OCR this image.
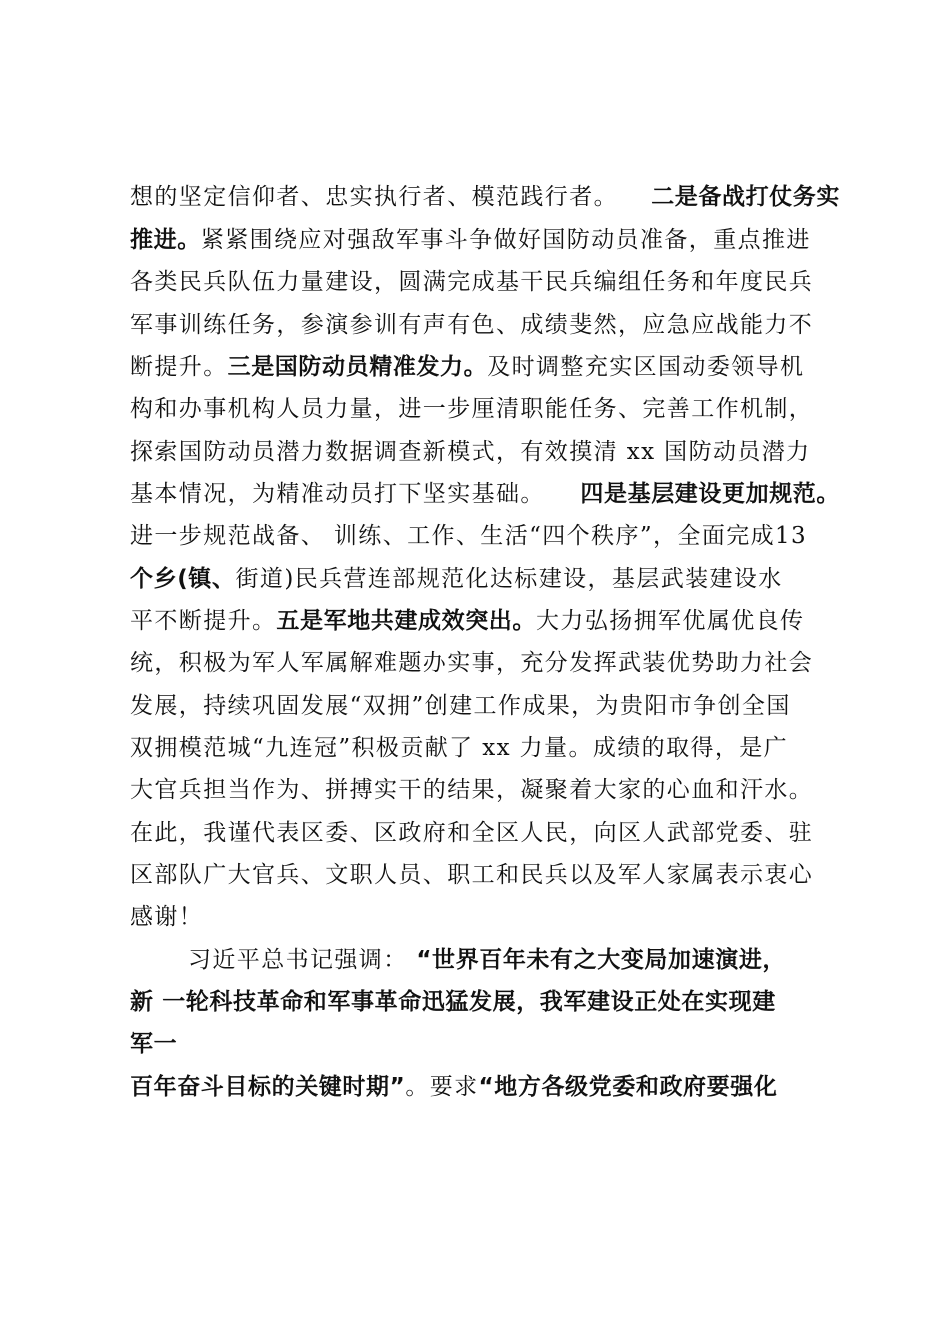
想的坚定信仰者、忠实执行者、模范践行者。 二是备战打仗务实
推进。紧紧围绕应对强敌军事斗争做好国防动员准备，重点推进
各类民兵队伍力量建设，圆满完成基干民兵编组任务和年度民兵
军事训练任务，参演参训有声有色、成绩斐然，应急应战能力不
断提升。三是国防动员精准发力。及时调整充实区国动委领导机
构和办事机构人员力量，进一步厘清职能任务、完善工作机制，
探索国防动员潜力数据调查新模式，有效摸清 xx 国防动员潜力
基本情况，为精准动员打下坚实基础。 四是基层建设更加规范。
进一步规范战备、 训练、工作、生活“四个秩序”，全面完成13
个乡(镇、街道)民兵营连部规范化达标建设，基层武装建设水
平不断提升。五是军地共建成效突出。大力弘扬拥军优属优良传
统，积极为军人军属解难题办实事，充分发挥武装优势助力社会
发展，持续巩固发展“双拥”创建工作成果，为贵阳市争创全国
双拥模范城“九连冠”积极贡献了 xx 力量。成绩的取得，是广
大官兵担当作为、拼搏实干的结果，凝聚着大家的心血和汗水。
在此，我谨代表区委、区政府和全区人民，向区人武部党委、驻
区部队广大官兵、文职人员、职工和民兵以及军人家属表示衷心
感谢！
习近平总书记强调： “世界百年未有之大变局加速演进，
新 一轮科技革命和军事革命迅猛发展，我军建设正处在实现建
军一
百年奋斗目标的关键时期”。要求“地方各级党委和政府要强化
